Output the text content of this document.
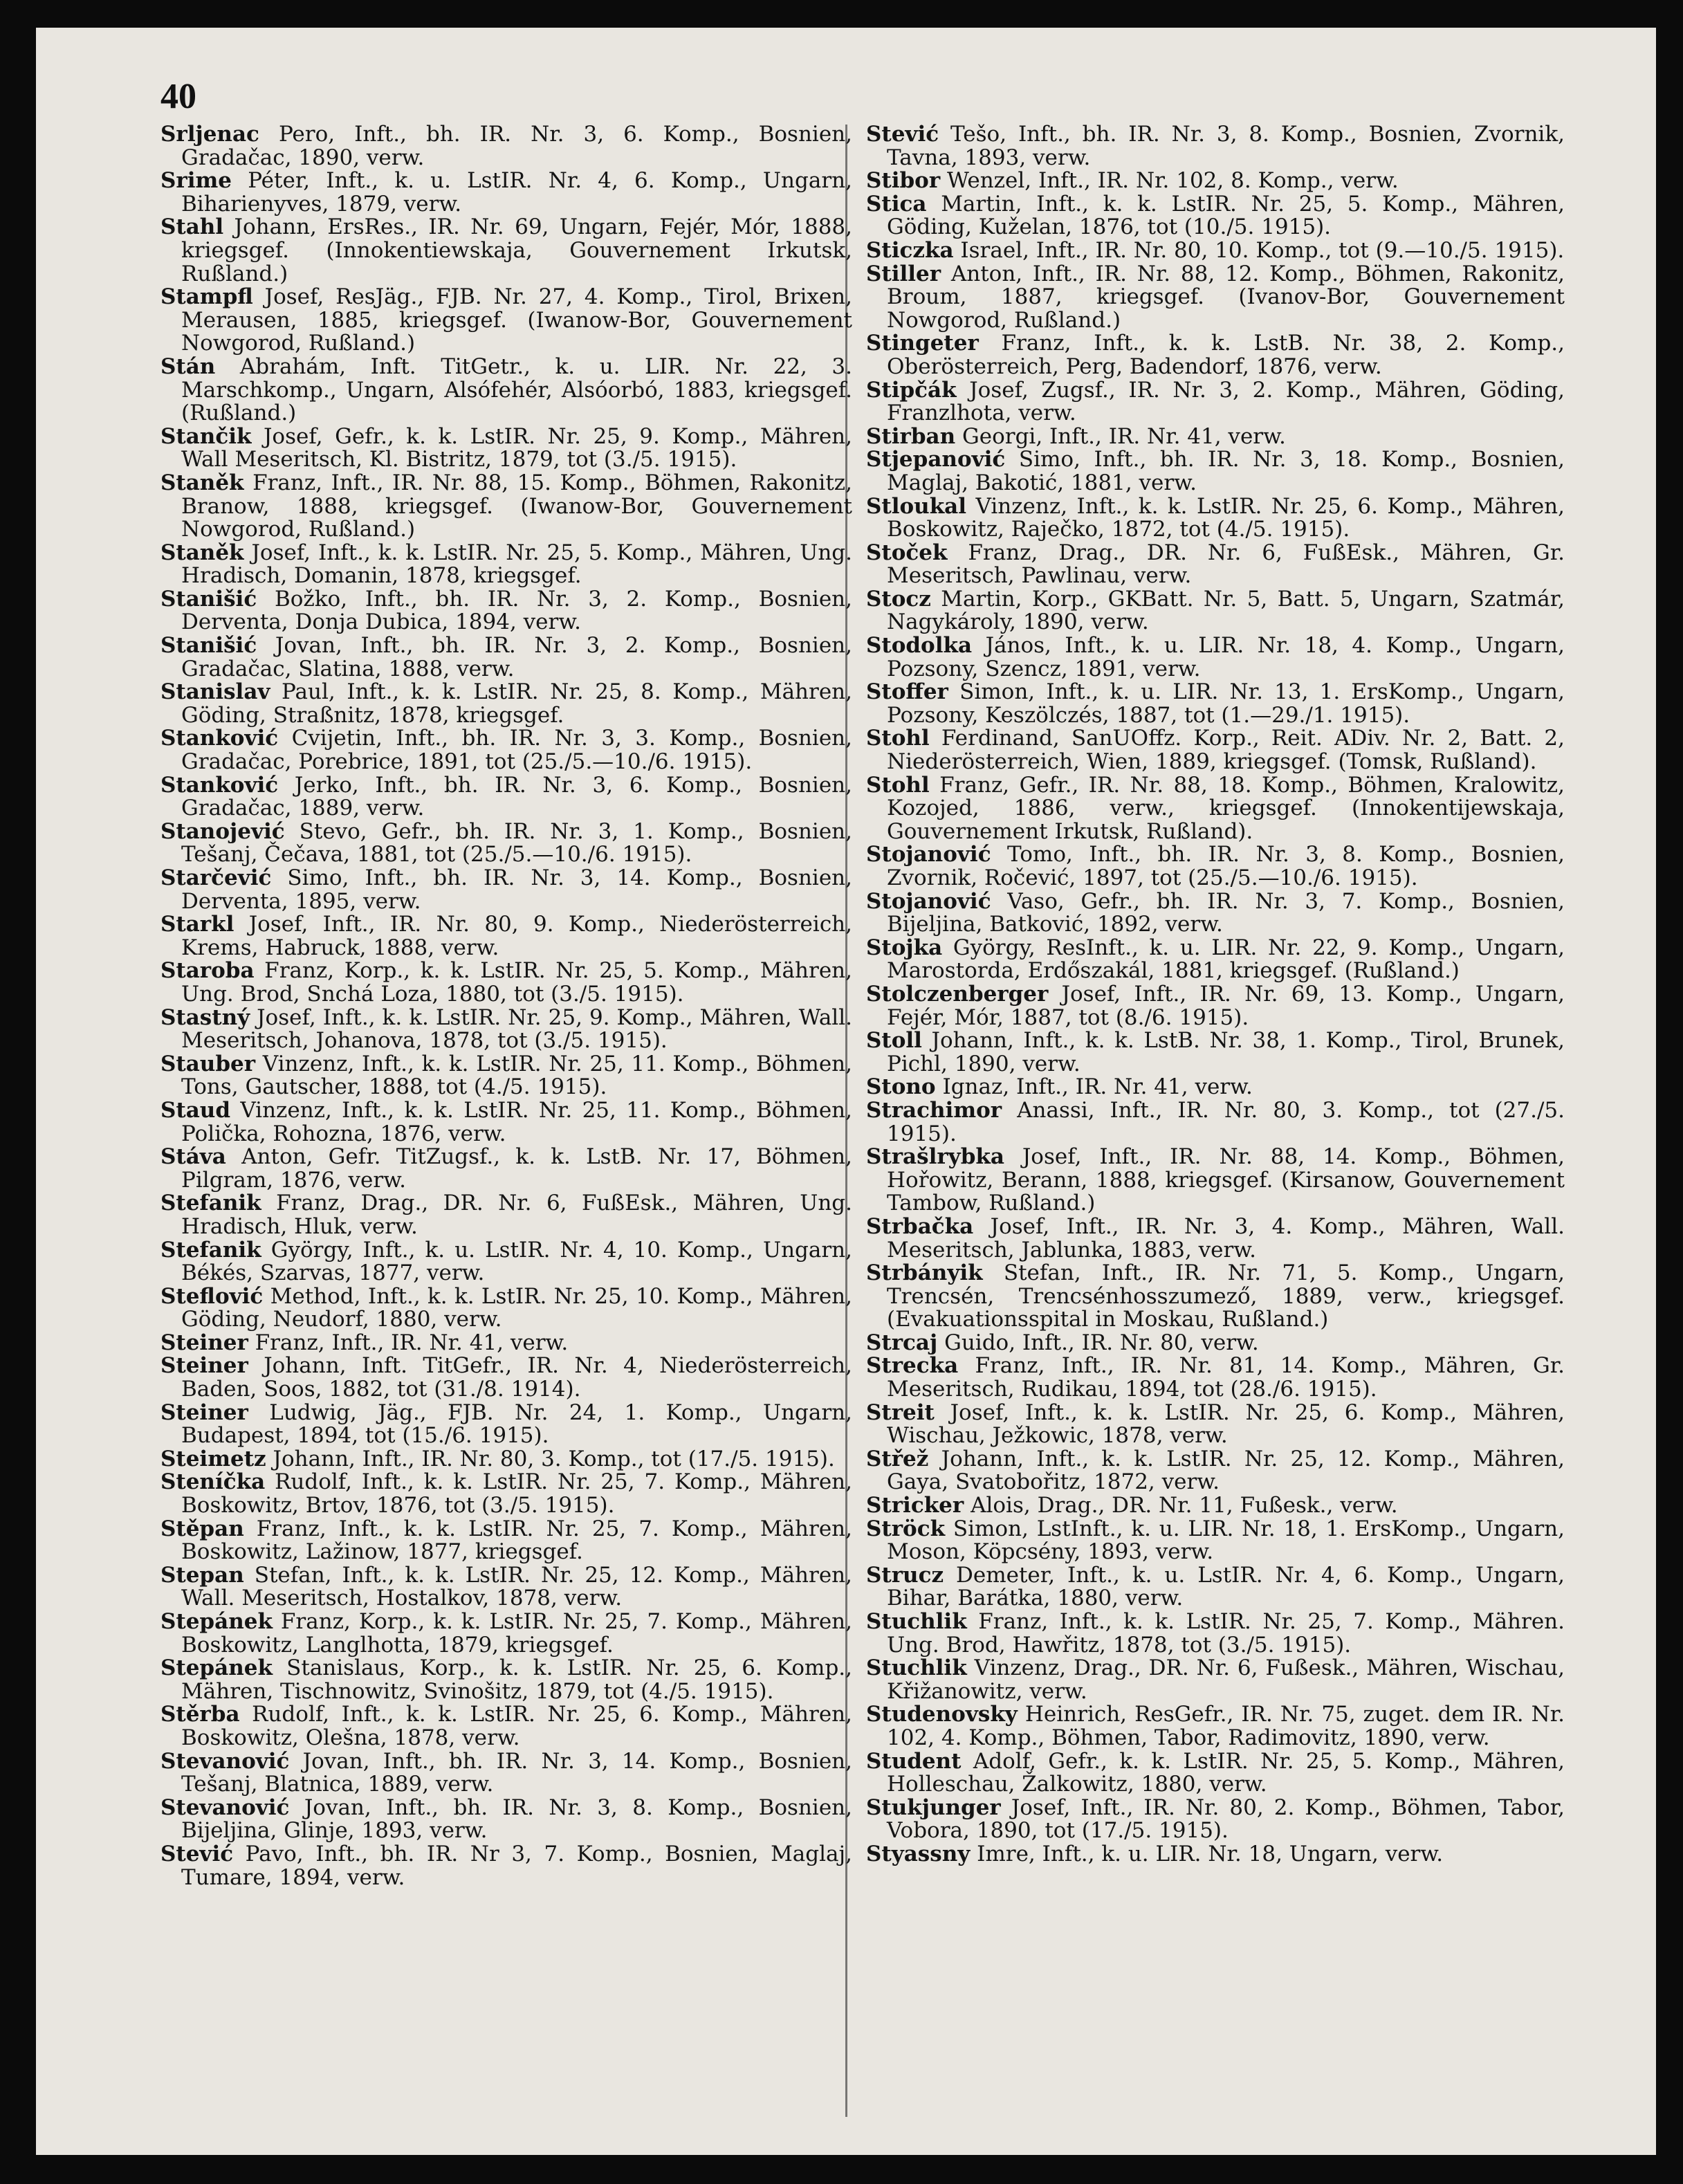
40

Srljenac Pero, Inft., bh. IR. Nr. 3, 6. Komp., Bosnien, Gradačac, 1890, verw.

Srime Péter, Inft., k. u. LstIR. Nr. 4, 6. Komp., Ungarn, Biharienyves, 1879, verw.

Stahl Johann, ErsRes., IR. Nr. 69, Ungarn, Fejér, Mór, 1888, kriegsgef. (Innokentiewskaja, Gouvernement Irkutsk, Rußland.)

Stampfl Josef, ResJäg., FJB. Nr. 27, 4. Komp., Tirol, Brixen, Merausen, 1885, kriegsgef. (Iwanow-Bor, Gouvernement Nowgorod, Rußland.)

Stán Abrahám, Inft. TitGetr., k. u. LIR. Nr. 22, 3. Marschkomp., Ungarn, Alsófehér, Alsóorbó, 1883, kriegsgef. (Rußland.)

Stančik Josef, Gefr., k. k. LstIR. Nr. 25, 9. Komp., Mähren, Wall Meseritsch, Kl. Bistritz, 1879, tot (3./5. 1915).

Staněk Franz, Inft., IR. Nr. 88, 15. Komp., Böhmen, Rakonitz, Branow, 1888, kriegsgef. (Iwanow-Bor, Gouvernement Nowgorod, Rußland.)

Staněk Josef, Inft., k. k. LstIR. Nr. 25, 5. Komp., Mähren, Ung. Hradisch, Domanin, 1878, kriegsgef.

Stanišić Božko, Inft., bh. IR. Nr. 3, 2. Komp., Bosnien, Derventa, Donja Dubica, 1894, verw.

Stanišić Jovan, Inft., bh. IR. Nr. 3, 2. Komp., Bosnien, Gradačac, Slatina, 1888, verw.

Stanislav Paul, Inft., k. k. LstIR. Nr. 25, 8. Komp., Mähren, Göding, Straßnitz, 1878, kriegsgef.

Stanković Cvijetin, Inft., bh. IR. Nr. 3, 3. Komp., Bosnien, Gradačac, Porebrice, 1891, tot (25./5.—10./6. 1915).

Stanković Jerko, Inft., bh. IR. Nr. 3, 6. Komp., Bosnien, Gradačac, 1889, verw.

Stanojević Stevo, Gefr., bh. IR. Nr. 3, 1. Komp., Bosnien, Tešanj, Čečava, 1881, tot (25./5.—10./6. 1915).

Starčević Simo, Inft., bh. IR. Nr. 3, 14. Komp., Bosnien, Derventa, 1895, verw.

Starkl Josef, Inft., IR. Nr. 80, 9. Komp., Niederösterreich, Krems, Habruck, 1888, verw.

Staroba Franz, Korp., k. k. LstIR. Nr. 25, 5. Komp., Mähren, Ung. Brod, Snchá Loza, 1880, tot (3./5. 1915).

Stastný Josef, Inft., k. k. LstIR. Nr. 25, 9. Komp., Mähren, Wall. Meseritsch, Johanova, 1878, tot (3./5. 1915).

Stauber Vinzenz, Inft., k. k. LstIR. Nr. 25, 11. Komp., Böhmen, Tons, Gautscher, 1888, tot (4./5. 1915).

Staud Vinzenz, Inft., k. k. LstIR. Nr. 25, 11. Komp., Böhmen, Polička, Rohozna, 1876, verw.

Stáva Anton, Gefr. TitZugsf., k. k. LstB. Nr. 17, Böhmen, Pilgram, 1876, verw.

Stefanik Franz, Drag., DR. Nr. 6, FußEsk., Mähren, Ung. Hradisch, Hluk, verw.

Stefanik György, Inft., k. u. LstIR. Nr. 4, 10. Komp., Ungarn, Békés, Szarvas, 1877, verw.

Steflović Method, Inft., k. k. LstIR. Nr. 25, 10. Komp., Mähren, Göding, Neudorf, 1880, verw.

Steiner Franz, Inft., IR. Nr. 41, verw.

Steiner Johann, Inft. TitGefr., IR. Nr. 4, Niederösterreich, Baden, Soos, 1882, tot (31./8. 1914).

Steiner Ludwig, Jäg., FJB. Nr. 24, 1. Komp., Ungarn, Budapest, 1894, tot (15./6. 1915).

Steimetz Johann, Inft., IR. Nr. 80, 3. Komp., tot (17./5. 1915).

Steníčka Rudolf, Inft., k. k. LstIR. Nr. 25, 7. Komp., Mähren, Boskowitz, Brtov, 1876, tot (3./5. 1915).

Stěpan Franz, Inft., k. k. LstIR. Nr. 25, 7. Komp., Mähren, Boskowitz, Lažinow, 1877, kriegsgef.

Stepan Stefan, Inft., k. k. LstIR. Nr. 25, 12. Komp., Mähren, Wall. Meseritsch, Hostalkov, 1878, verw.

Stepánek Franz, Korp., k. k. LstIR. Nr. 25, 7. Komp., Mähren, Boskowitz, Langlhotta, 1879, kriegsgef.

Stepánek Stanislaus, Korp., k. k. LstIR. Nr. 25, 6. Komp., Mähren, Tischnowitz, Svinošitz, 1879, tot (4./5. 1915).

Stěrba Rudolf, Inft., k. k. LstIR. Nr. 25, 6. Komp., Mähren, Boskowitz, Olešna, 1878, verw.

Stevanović Jovan, Inft., bh. IR. Nr. 3, 14. Komp., Bosnien, Tešanj, Blatnica, 1889, verw.

Stevanović Jovan, Inft., bh. IR. Nr. 3, 8. Komp., Bosnien, Bijeljina, Glinje, 1893, verw.

Stević Pavo, Inft., bh. IR. Nr 3, 7. Komp., Bosnien, Maglaj, Tumare, 1894, verw.

Stević Tešo, Inft., bh. IR. Nr. 3, 8. Komp., Bosnien, Zvornik, Tavna, 1893, verw.

Stibor Wenzel, Inft., IR. Nr. 102, 8. Komp., verw.

Stica Martin, Inft., k. k. LstIR. Nr. 25, 5. Komp., Mähren, Göding, Kuželan, 1876, tot (10./5. 1915).

Sticzka Israel, Inft., IR. Nr. 80, 10. Komp., tot (9.—10./5. 1915).

Stiller Anton, Inft., IR. Nr. 88, 12. Komp., Böhmen, Rakonitz, Broum, 1887, kriegsgef. (Ivanov-Bor, Gouvernement Nowgorod, Rußland.)

Stingeter Franz, Inft., k. k. LstB. Nr. 38, 2. Komp., Oberösterreich, Perg, Badendorf, 1876, verw.

Stipčák Josef, Zugsf., IR. Nr. 3, 2. Komp., Mähren, Göding, Franzlhota, verw.

Stirban Georgi, Inft., IR. Nr. 41, verw.

Stjepanović Simo, Inft., bh. IR. Nr. 3, 18. Komp., Bosnien, Maglaj, Bakotić, 1881, verw.

Stloukal Vinzenz, Inft., k. k. LstIR. Nr. 25, 6. Komp., Mähren, Boskowitz, Raječko, 1872, tot (4./5. 1915).

Stoček Franz, Drag., DR. Nr. 6, FußEsk., Mähren, Gr. Meseritsch, Pawlinau, verw.

Stocz Martin, Korp., GKBatt. Nr. 5, Batt. 5, Ungarn, Szatmár, Nagykároly, 1890, verw.

Stodolka János, Inft., k. u. LIR. Nr. 18, 4. Komp., Ungarn, Pozsony, Szencz, 1891, verw.

Stoffer Simon, Inft., k. u. LIR. Nr. 13, 1. ErsKomp., Ungarn, Pozsony, Keszölczés, 1887, tot (1.—29./1. 1915).

Stohl Ferdinand, SanUOffz. Korp., Reit. ADiv. Nr. 2, Batt. 2, Niederösterreich, Wien, 1889, kriegsgef. (Tomsk, Rußland).

Stohl Franz, Gefr., IR. Nr. 88, 18. Komp., Böhmen, Kralowitz, Kozojed, 1886, verw., kriegsgef. (Innokentijewskaja, Gouvernement Irkutsk, Rußland).

Stojanović Tomo, Inft., bh. IR. Nr. 3, 8. Komp., Bosnien, Zvornik, Ročević, 1897, tot (25./5.—10./6. 1915).

Stojanović Vaso, Gefr., bh. IR. Nr. 3, 7. Komp., Bosnien, Bijeljina, Batković, 1892, verw.

Stojka György, ResInft., k. u. LIR. Nr. 22, 9. Komp., Ungarn, Marostorda, Erdőszakál, 1881, kriegsgef. (Rußland.)

Stolczenberger Josef, Inft., IR. Nr. 69, 13. Komp., Ungarn, Fejér, Mór, 1887, tot (8./6. 1915).

Stoll Johann, Inft., k. k. LstB. Nr. 38, 1. Komp., Tirol, Brunek, Pichl, 1890, verw.

Stono Ignaz, Inft., IR. Nr. 41, verw.

Strachimor Anassi, Inft., IR. Nr. 80, 3. Komp., tot (27./5. 1915).

Strašlrybka Josef, Inft., IR. Nr. 88, 14. Komp., Böhmen, Hořowitz, Berann, 1888, kriegsgef. (Kirsanow, Gouvernement Tambow, Rußland.)

Strbačka Josef, Inft., IR. Nr. 3, 4. Komp., Mähren, Wall. Meseritsch, Jablunka, 1883, verw.

Strbányik Stefan, Inft., IR. Nr. 71, 5. Komp., Ungarn, Trencsén, Trencsénhosszumező, 1889, verw., kriegsgef. (Evakuationsspital in Moskau, Rußland.)

Strcaj Guido, Inft., IR. Nr. 80, verw.

Strecka Franz, Inft., IR. Nr. 81, 14. Komp., Mähren, Gr. Meseritsch, Rudikau, 1894, tot (28./6. 1915).

Streit Josef, Inft., k. k. LstIR. Nr. 25, 6. Komp., Mähren, Wischau, Ježkowic, 1878, verw.

Střež Johann, Inft., k. k. LstIR. Nr. 25, 12. Komp., Mähren, Gaya, Svatobořitz, 1872, verw.

Stricker Alois, Drag., DR. Nr. 11, Fußesk., verw.

Ströck Simon, LstInft., k. u. LIR. Nr. 18, 1. ErsKomp., Ungarn, Moson, Köpcsény, 1893, verw.

Strucz Demeter, Inft., k. u. LstIR. Nr. 4, 6. Komp., Ungarn, Bihar, Barátka, 1880, verw.

Stuchlik Franz, Inft., k. k. LstIR. Nr. 25, 7. Komp., Mähren. Ung. Brod, Hawřitz, 1878, tot (3./5. 1915).

Stuchlik Vinzenz, Drag., DR. Nr. 6, Fußesk., Mähren, Wischau, Křižanowitz, verw.

Studenovsky Heinrich, ResGefr., IR. Nr. 75, zuget. dem IR. Nr. 102, 4. Komp., Böhmen, Tabor, Radimovitz, 1890, verw.

Student Adolf, Gefr., k. k. LstIR. Nr. 25, 5. Komp., Mähren, Holleschau, Žalkowitz, 1880, verw.

Stukjunger Josef, Inft., IR. Nr. 80, 2. Komp., Böhmen, Tabor, Vobora, 1890, tot (17./5. 1915).

Styassny Imre, Inft., k. u. LIR. Nr. 18, Ungarn, verw.
